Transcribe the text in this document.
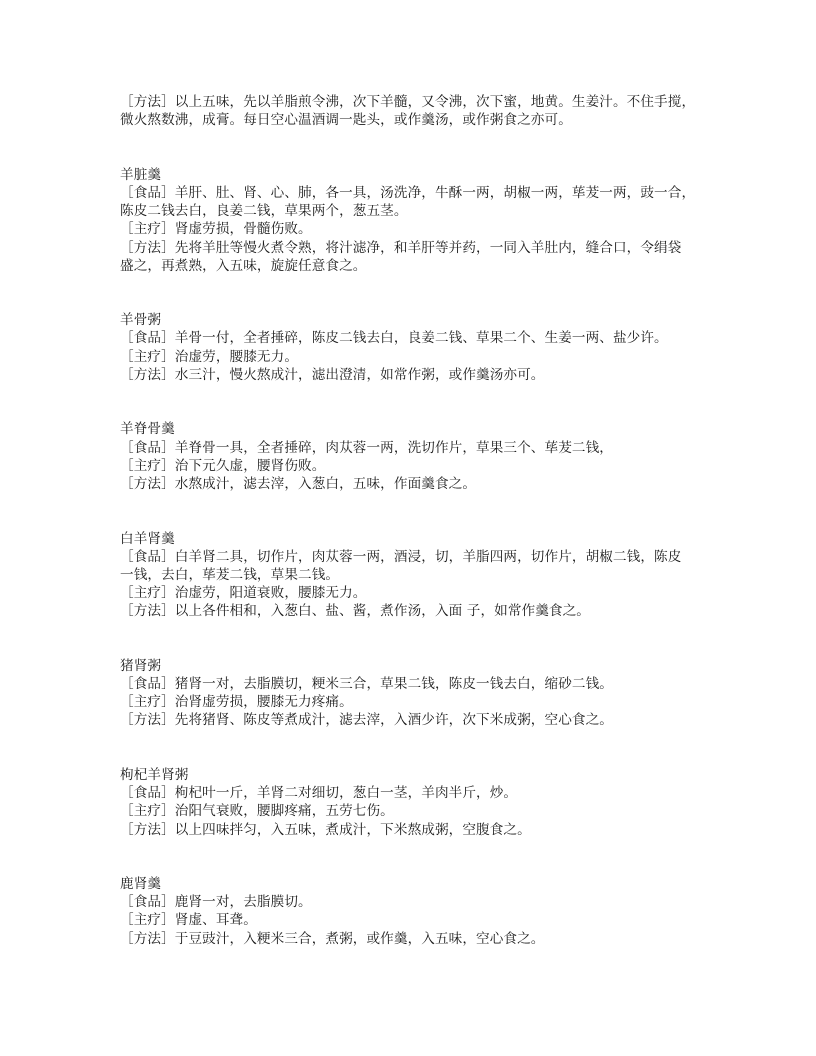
［方法］以上五味，先以羊脂煎令沸，次下羊髓，又令沸，次下蜜，地黄。生姜汁。不住手搅，
微火熬数沸，成膏。每日空心温酒调一匙头，或作羹汤，或作粥食之亦可。
羊脏羹
［食品］羊肝、肚、肾、心、肺，各一具，汤洗净，牛酥一两，胡椒一两，荜茇一两，豉一合，
陈皮二钱去白，良姜二钱，草果两个，葱五茎。
［主疗］肾虚劳损，骨髓伤败。
［方法］先将羊肚等慢火煮令熟，将汁滤净，和羊肝等并药，一同入羊肚内，缝合口，令绢袋
盛之，再煮熟，入五味，旋旋任意食之。
羊骨粥
［食品］羊骨一付，全者捶碎，陈皮二钱去白，良姜二钱、草果二个、生姜一两、盐少许。
［主疗］治虚劳，腰膝无力。
［方法］水三汁，慢火熬成汁，滤出澄清，如常作粥，或作羹汤亦可。
羊脊骨羹
［食品］羊脊骨一具，全者捶碎，肉苁蓉一两，洗切作片，草果三个、荜茇二钱，
［主疗］治下元久虚，腰肾伤败。
［方法］水熬成汁，滤去滓，入葱白，五味，作面羹食之。
白羊肾羹
［食品］白羊肾二具，切作片，肉苁蓉一两，酒浸，切，羊脂四两，切作片，胡椒二钱，陈皮
一钱，去白，荜茇二钱，草果二钱。
［主疗］治虚劳，阳道衰败，腰膝无力。
［方法］以上各件相和，入葱白、盐、酱，煮作汤，入面 子，如常作羹食之。
猪肾粥
［食品］猪肾一对，去脂膜切，粳米三合，草果二钱，陈皮一钱去白，缩砂二钱。
［主疗］治肾虚劳损，腰膝无力疼痛。
［方法］先将猪肾、陈皮等煮成汁，滤去滓，入酒少许，次下米成粥，空心食之。
枸杞羊肾粥
［食品］枸杞叶一斤，羊肾二对细切，葱白一茎，羊肉半斤，炒。
［主疗］治阳气衰败，腰脚疼痛，五劳七伤。
［方法］以上四味拌匀，入五味，煮成汁，下米熬成粥，空腹食之。
鹿肾羹
［食品］鹿肾一对，去脂膜切。
［主疗］肾虚、耳聋。
［方法］于豆豉汁，入粳米三合，煮粥，或作羹，入五味，空心食之。
